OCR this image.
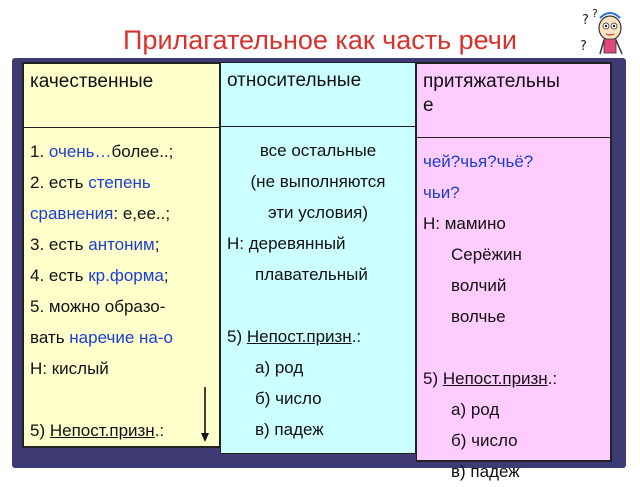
Прилагательное как часть речи
? ?
?
качественные
1. очень…более..;
2. есть степень
сравнения: е,ее..;
3. есть антоним;
4. есть кр.форма;
5. можно образо-
вать наречие на-о
Н: кислый

5) Непост.призн.:
относительные
все остальные
(не выполняются
эти условия)
Н: деревянный
плавательный

5) Непост.призн.:
а) род
б) число
в) падеж
притяжательны
е
чей?чья?чьё?
чьи?
Н: мамино
Серёжин
волчий
волчье

5) Непост.призн.:
а) род
б) число
в) падеж
